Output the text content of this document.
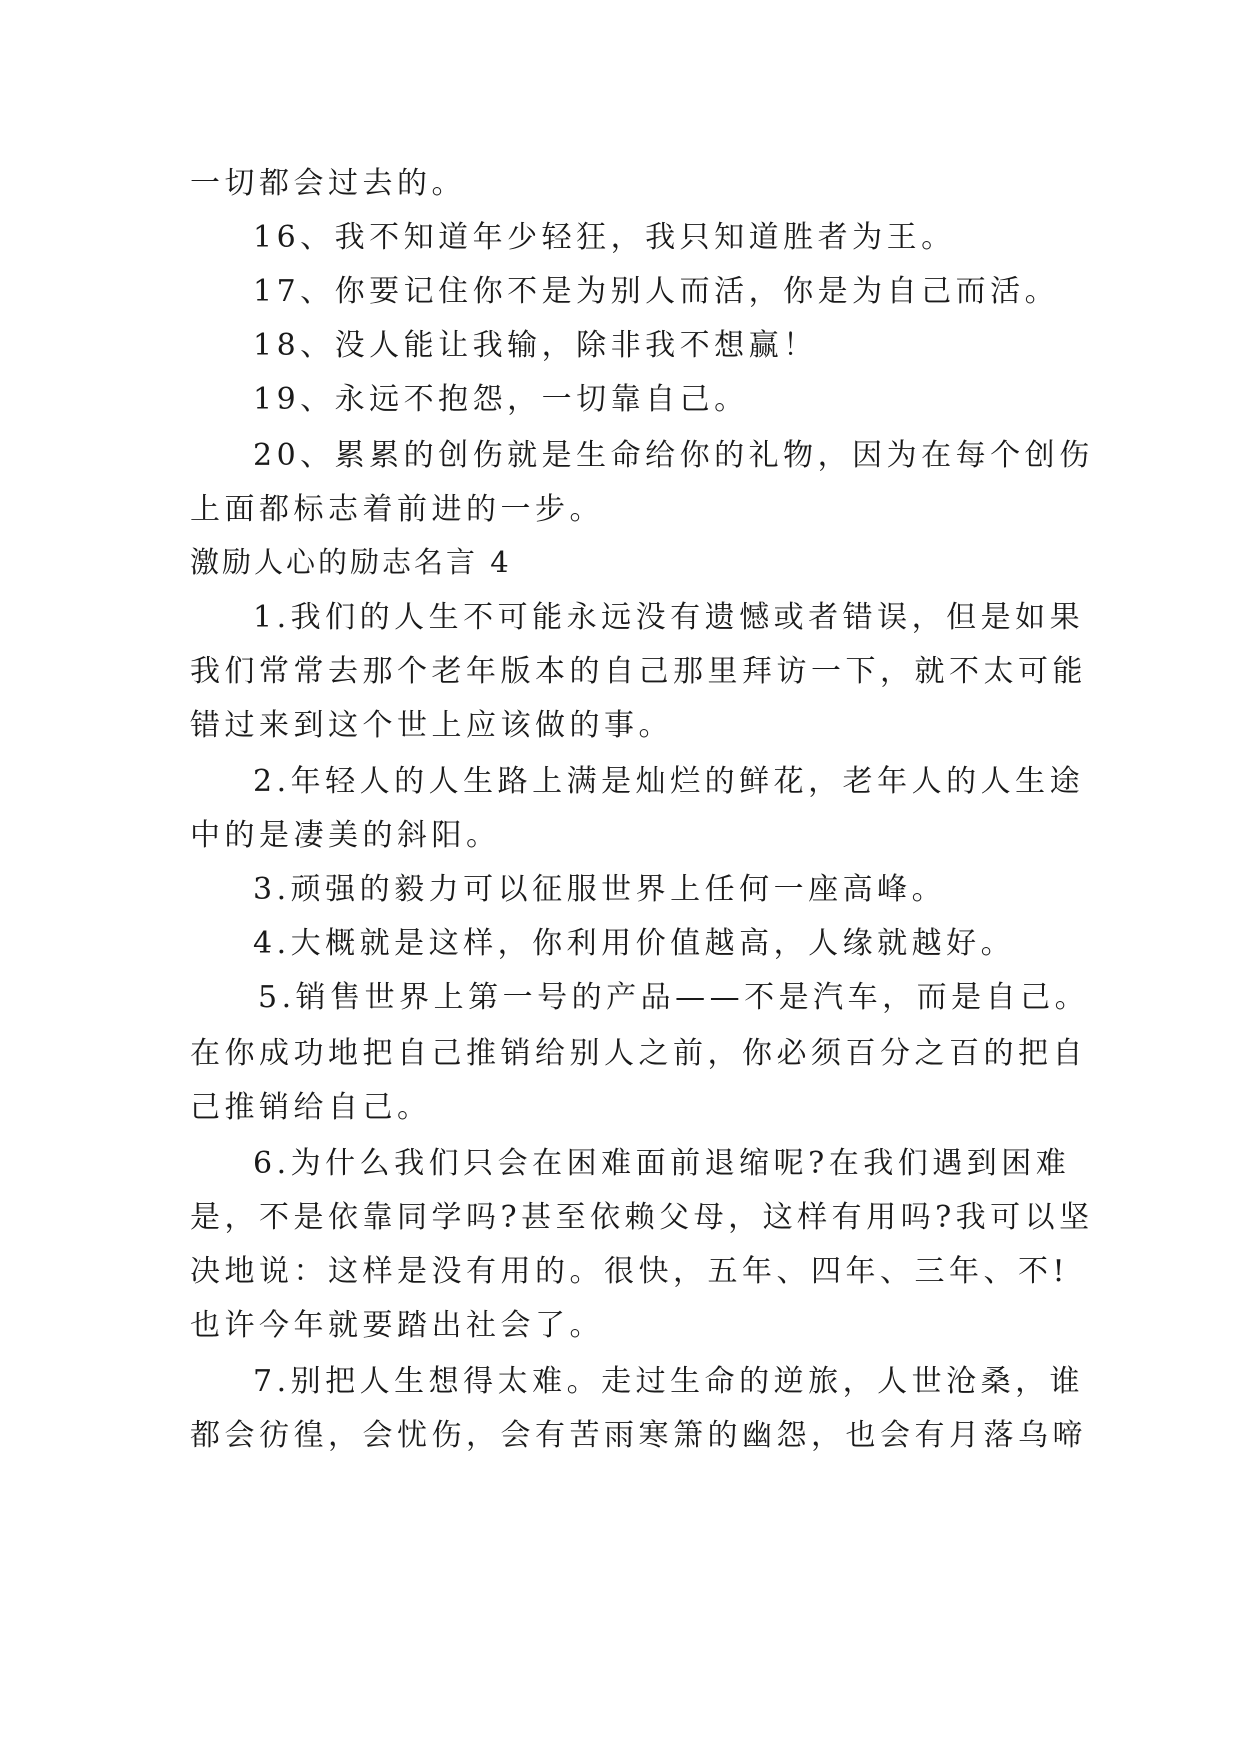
一切都会过去的。
16、我不知道年少轻狂，我只知道胜者为王。
17、你要记住你不是为别人而活，你是为自己而活。
18、没人能让我输，除非我不想赢！
19、永远不抱怨，一切靠自己。
20、累累的创伤就是生命给你的礼物，因为在每个创伤
上面都标志着前进的一步。
激励人心的励志名言 4
1.我们的人生不可能永远没有遗憾或者错误，但是如果
我们常常去那个老年版本的自己那里拜访一下，就不太可能
错过来到这个世上应该做的事。
2.年轻人的人生路上满是灿烂的鲜花，老年人的人生途
中的是凄美的斜阳。
3.顽强的毅力可以征服世界上任何一座高峰。
4.大概就是这样，你利用价值越高，人缘就越好。
5.销售世界上第一号的产品——不是汽车，而是自己。
在你成功地把自己推销给别人之前，你必须百分之百的把自
己推销给自己。
6.为什么我们只会在困难面前退缩呢?在我们遇到困难
是，不是依靠同学吗?甚至依赖父母，这样有用吗?我可以坚
决地说：这样是没有用的。很快，五年、四年、三年、不!
也许今年就要踏出社会了。
7.别把人生想得太难。走过生命的逆旅，人世沧桑，谁
都会彷徨，会忧伤，会有苦雨寒箫的幽怨，也会有月落乌啼
